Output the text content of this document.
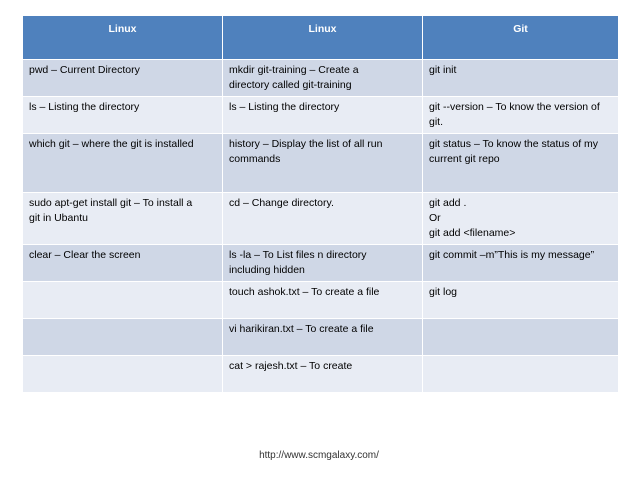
Linux	Linux	Git

pwd – Current Directory	mkdir git-training – Create a
directory called git-training	git init

ls – Listing the directory	ls – Listing the directory	git --version – To know the version of
git.

which git – where the git is installed	history – Display the list of all run
commands	git status – To know the status of my
current git repo

sudo apt-get install git – To install a
git in Ubantu	cd – Change directory.	git add .
Or
git add <filename>

clear – Clear the screen	ls -la – To List files n directory
including hidden	git commit –m”This is my message”

	touch ashok.txt – To create a file	git log

	vi harikiran.txt – To create a file	

	cat > rajesh.txt – To create	

http://www.scmgalaxy.com/
